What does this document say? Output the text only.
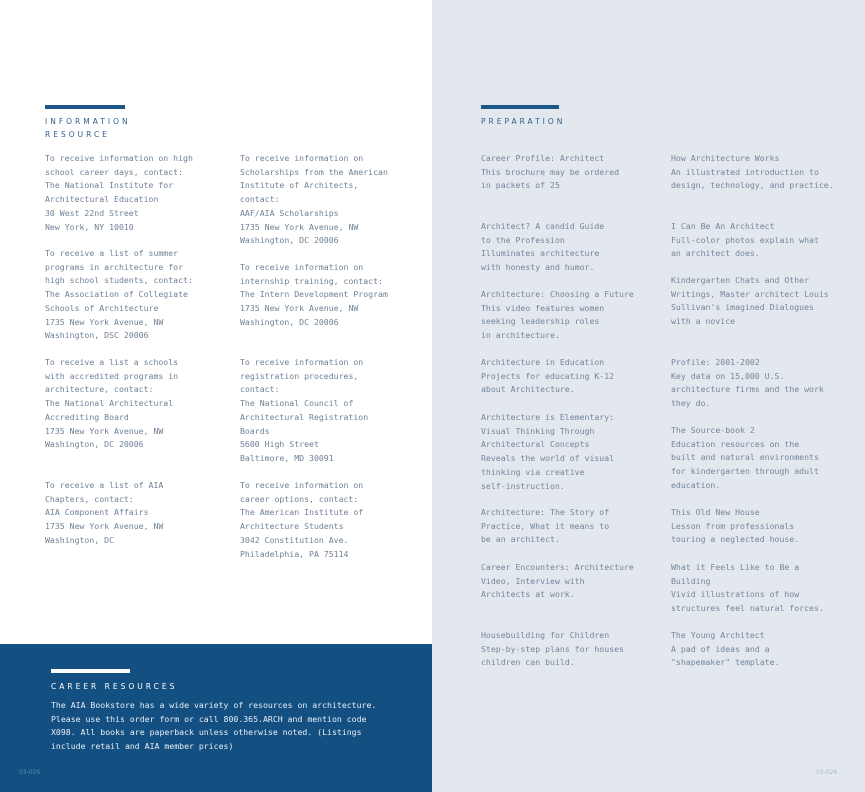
INFORMATION
RESOURCE
To receive information on high
school career days, contact:
The National Institute for
Architectural Education
30 West 22nd Street
New York, NY 10010
To receive a list of summer
programs in architecture for
high school students, contact:
The Association of Collegiate
Schools of Architecture
1735 New York Avenue, NW
Washington, DSC 20006
To receive a list a schools
with accredited programs in
architecture, contact:
The National Architectural
Accrediting Board
1735 New York Avenue, NW
Washington, DC 20006
To receive a list of AIA
Chapters, contact:
AIA Component Affairs
1735 New York Avenue, NW
Washington, DC
To receive information on
Scholarships from the American
Institute of Architects,
contact:
AAF/AIA Scholarships
1735 New York Avenue, NW
Washington, DC 20006
To receive information on
internship training, contact:
The Intern Development Program
1735 New York Avenue, NW
Washington, DC 20006
To receive information on
registration procedures,
contact:
The National Council of
Architectural Registration
Boards
5600 High Street
Baltimore, MD 30091
To receive information on
career options, contact:
The American Institute of
Architecture Students
3042 Constitution Ave.
Philadelphia, PA 75114
PREPARATION
Career Profile: Architect
This brochure may be ordered
in packets of 25
Architect? A candid Guide
to the Profession
Illuminates architecture
with honesty and humor.
Architecture: Choosing a Future
This video features women
seeking leadership roles
in architecture.
Architecture in Education
Projects for educating K-12
about Architecture.
Architecture is Elementary:
Visual Thinking Through
Architectural Concepts
Reveals the world of visual
thinking via creative
self-instruction.
Architecture: The Story of
Practice, What it means to
be an architect.
Career Encounters: Architecture
Video, Interview with
Architects at work.
Housebuilding for Children
Step-by-step plans for houses
children can build.
How Architecture Works
An illustrated introduction to
design, technology, and practice.
I Can Be An Architect
Full-color photos explain what
an architect does.
Kindergarten Chats and Other
Writings, Master architect Louis
Sullivan's imagined Dialogues
with a novice
Profile: 2001-2002
Key data on 15,000 U.S.
architecture firms and the work
they do.
The Source-book 2
Education resources on the
built and natural environments
for kindergarten through adult
education.
This Old New House
Lesson from professionals
touring a neglected house.
What it Feels Like to Be a
Building
Vivid illustrations of how
structures feel natural forces.
The Young Architect
A pad of ideas and a
"shapemaker" template.
CAREER RESOURCES
The AIA Bookstore has a wide variety of resources on architecture.
Please use this order form or call 800.365.ARCH and mention code
X098. All books are paperback unless otherwise noted. (Listings
include retail and AIA member prices)
03-026	03-026
